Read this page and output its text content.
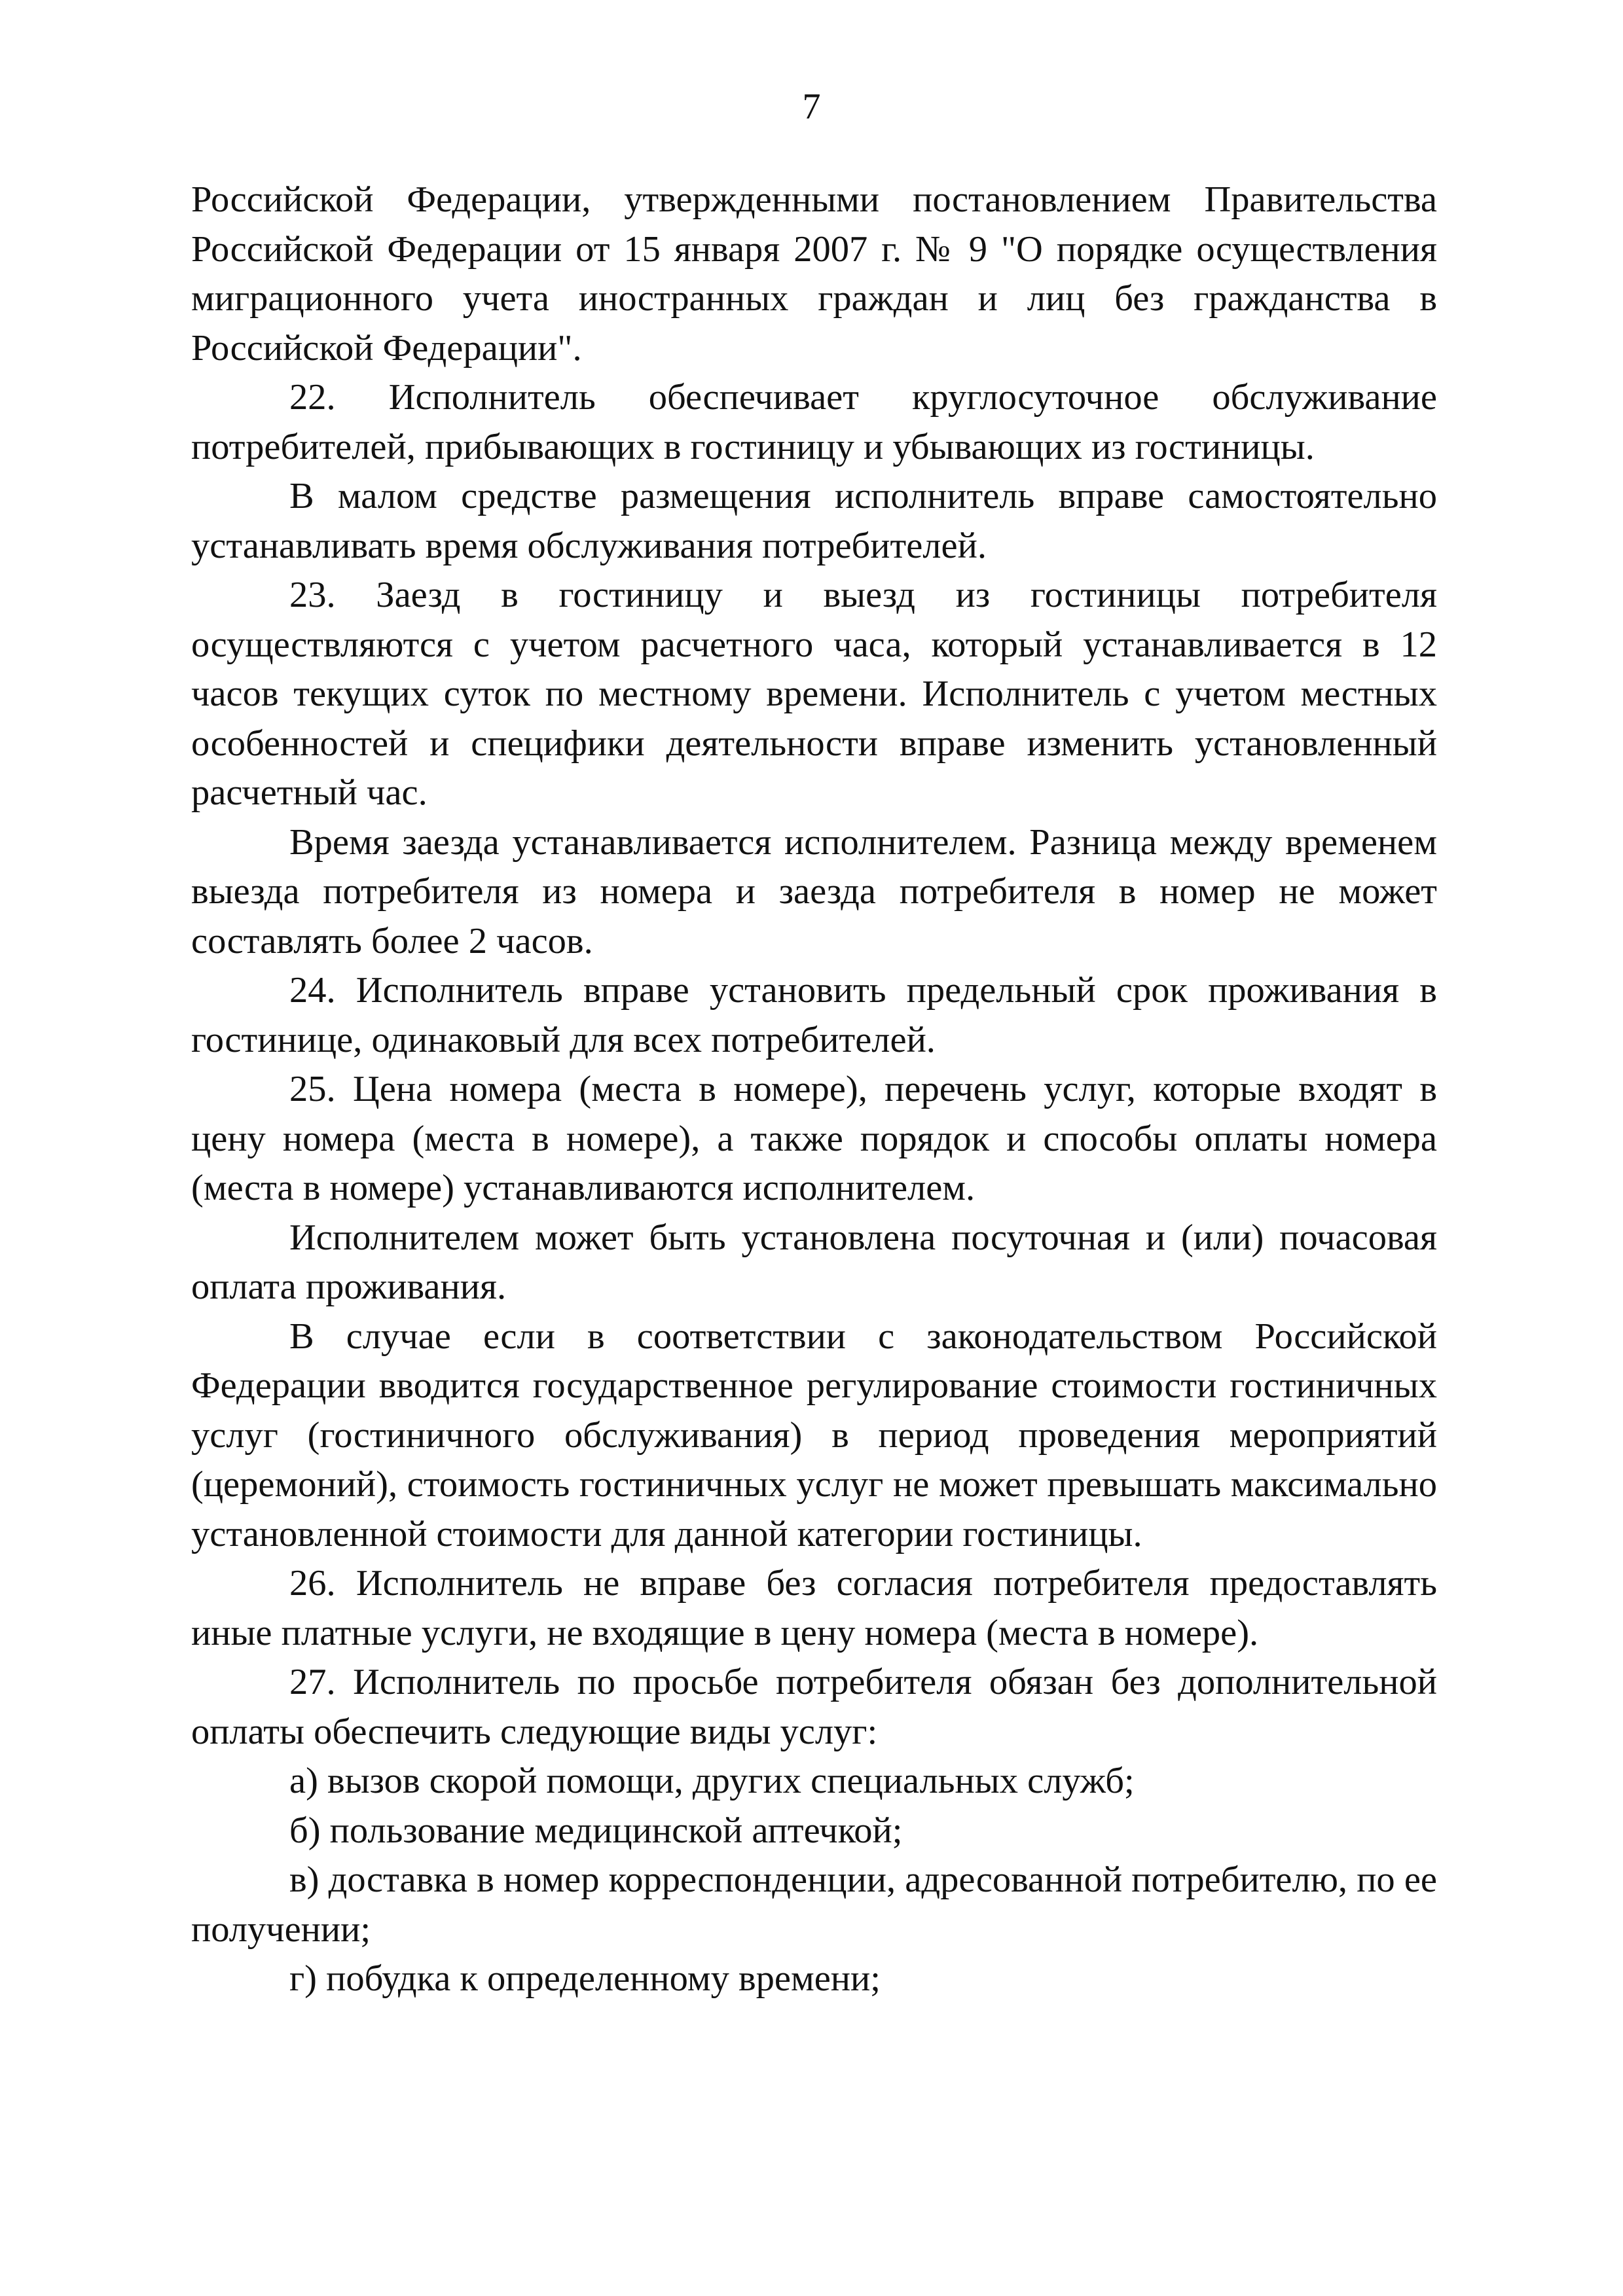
7

Российской Федерации, утвержденными постановлением Правительства Российской Федерации от 15 января 2007 г. № 9 "О порядке осуществления миграционного учета иностранных граждан и лиц без гражданства в Российской Федерации".

22. Исполнитель обеспечивает круглосуточное обслуживание потребителей, прибывающих в гостиницу и убывающих из гостиницы.

В малом средстве размещения исполнитель вправе самостоятельно устанавливать время обслуживания потребителей.

23. Заезд в гостиницу и выезд из гостиницы потребителя осуществляются с учетом расчетного часа, который устанавливается в 12 часов текущих суток по местному времени. Исполнитель с учетом местных особенностей и специфики деятельности вправе изменить установленный расчетный час.

Время заезда устанавливается исполнителем. Разница между временем выезда потребителя из номера и заезда потребителя в номер не может составлять более 2 часов.

24. Исполнитель вправе установить предельный срок проживания в гостинице, одинаковый для всех потребителей.

25. Цена номера (места в номере), перечень услуг, которые входят в цену номера (места в номере), а также порядок и способы оплаты номера (места в номере) устанавливаются исполнителем.

Исполнителем может быть установлена посуточная и (или) почасовая оплата проживания.

В случае если в соответствии с законодательством Российской Федерации вводится государственное регулирование стоимости гостиничных услуг (гостиничного обслуживания) в период проведения мероприятий (церемоний), стоимость гостиничных услуг не может превышать максимально установленной стоимости для данной категории гостиницы.

26. Исполнитель не вправе без согласия потребителя предоставлять иные платные услуги, не входящие в цену номера (места в номере).

27. Исполнитель по просьбе потребителя обязан без дополнительной оплаты обеспечить следующие виды услуг:

а) вызов скорой помощи, других специальных служб;

б) пользование медицинской аптечкой;

в) доставка в номер корреспонденции, адресованной потребителю, по ее получении;

г) побудка к определенному времени;
